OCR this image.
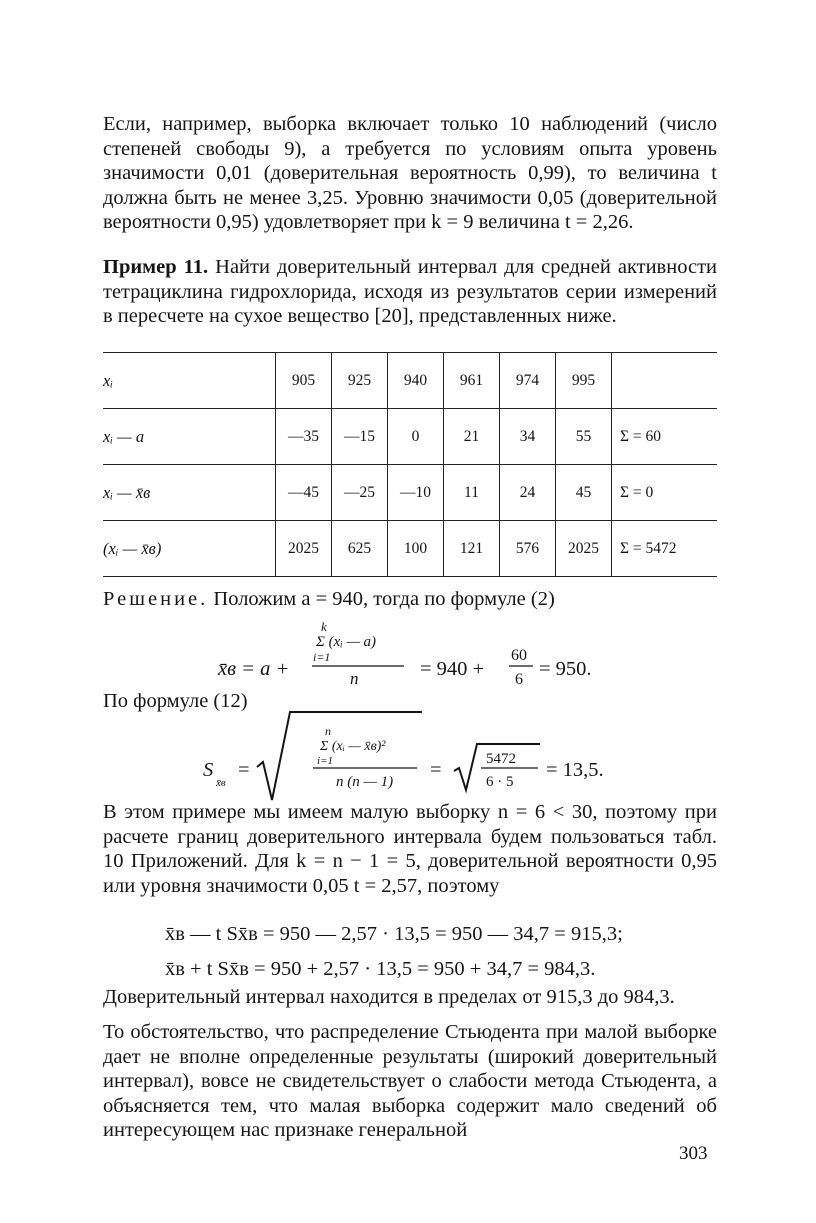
Если, например, выборка включает только 10 наблюдений (число степеней свободы 9), а требуется по условиям опыта уровень значимости 0,01 (доверительная вероятность 0,99), то величина t должна быть не менее 3,25. Уровню значимости 0,05 (доверительной вероятности 0,95) удовлетворяет при k = 9 величина t = 2,26.
Пример 11. Найти доверительный интервал для средней активности тетрациклина гидрохлорида, исходя из результатов серии измерений в пересчете на сухое вещество [20], представленных ниже.
xᵢ	905	925	940	961	974	995	
xᵢ — a	—35	—15	0	21	34	55	Σ = 60
xᵢ — x̄в	—45	—25	—10	11	24	45	Σ = 0
(xᵢ — x̄в)	2025	625	100	121	576	2025	Σ = 5472
Решение. Положим a = 940, тогда по формуле (2)
x̄в = a +
k
Σ (xᵢ — a)
i=1
n	= 940 +
60
6 = 950.
S
x̄в
=
n
Σ (xᵢ — x̄в)²
i=1
n (n — 1)
=	5472
6 · 5
= 13,5.
По формуле (12)
В этом примере мы имеем малую выборку n = 6 < 30, поэтому при расчете границ доверительного интервала будем пользоваться табл. 10 Приложений. Для k = n − 1 = 5, доверительной вероятности 0,95 или уровня значимости 0,05 t = 2,57, поэтому
x̄в — t Sx̄в = 950 — 2,57 · 13,5 = 950 — 34,7 = 915,3;
x̄в + t Sx̄в = 950 + 2,57 · 13,5 = 950 + 34,7 = 984,3.
Доверительный интервал находится в пределах от 915,3 до 984,3.
То обстоятельство, что распределение Стьюдента при малой выборке дает не вполне определенные результаты (широкий доверительный интервал), вовсе не свидетельствует о слабости метода Стьюдента, а объясняется тем, что малая выборка содержит мало сведений об интересующем нас признаке генеральной
303
